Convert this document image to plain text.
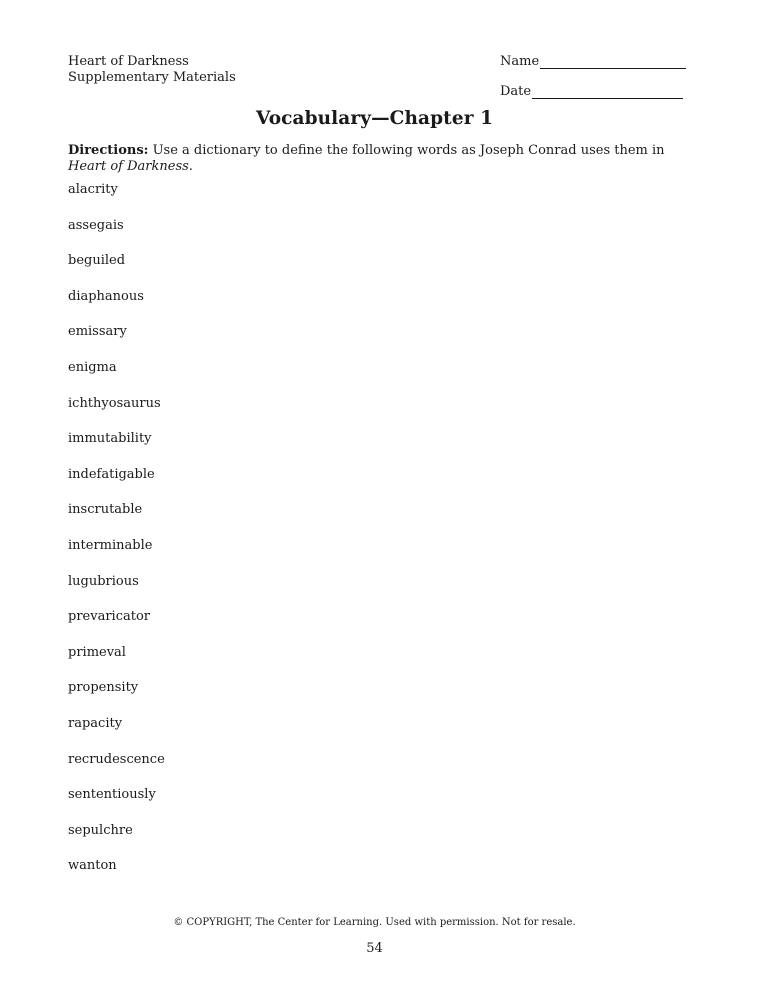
Heart of Darkness
Supplementary Materials
Name
Date
Vocabulary—Chapter 1
Directions: Use a dictionary to define the following words as Joseph Conrad uses them in Heart of Darkness.
alacrity
assegais
beguiled
diaphanous
emissary
enigma
ichthyosaurus
immutability
indefatigable
inscrutable
interminable
lugubrious
prevaricator
primeval
propensity
rapacity
recrudescence
sententiously
sepulchre
wanton
© COPYRIGHT, The Center for Learning. Used with permission. Not for resale.
54
